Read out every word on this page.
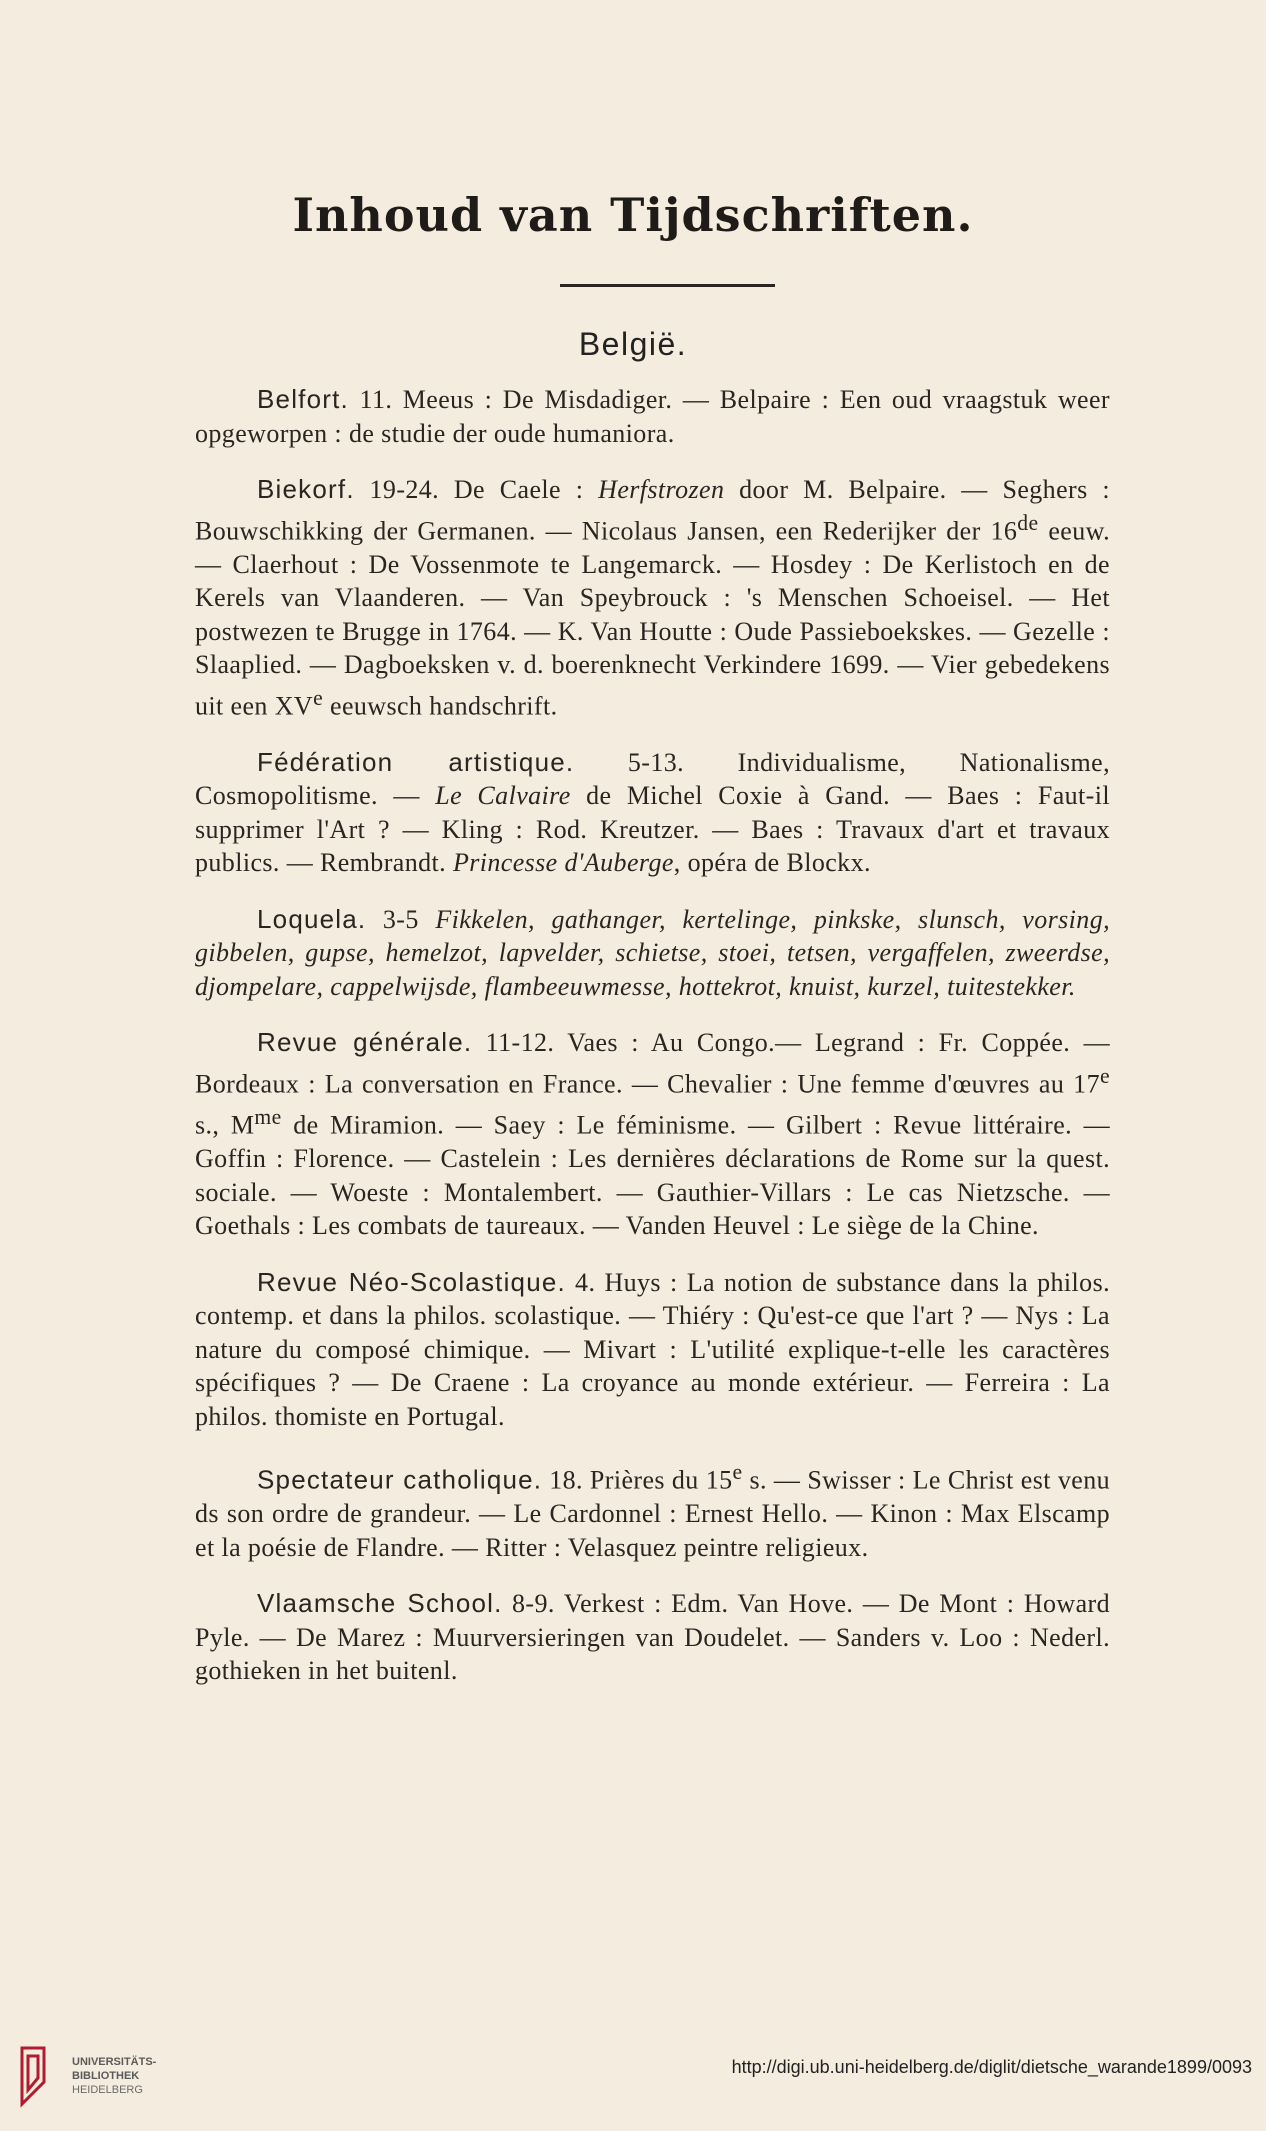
Inhoud van Tijdschriften.
België.

Belfort. 11. Meeus : De Misdadiger. — Belpaire : Een oud vraagstuk weer opgeworpen : de studie der oude humaniora.

Biekorf. 19-24. De Caele : Herfstrozen door M. Belpaire. — Seghers : Bouwschikking der Germanen. — Nicolaus Jansen, een Rederijker der 16de eeuw. — Claerhout : De Vossenmote te Langemarck. — Hosdey : De Kerlistoch en de Kerels van Vlaanderen. — Van Speybrouck : 's Menschen Schoeisel. — Het postwezen te Brugge in 1764. — K. Van Houtte : Oude Passieboekskes. — Gezelle : Slaaplied. — Dagboeksken v. d. boerenknecht Verkindere 1699. — Vier gebedekens uit een XVe eeuwsch handschrift.

Fédération artistique. 5-13. Individualisme, Nationalisme, Cosmopolitisme. — Le Calvaire de Michel Coxie à Gand. — Baes : Faut-il supprimer l'Art ? — Kling : Rod. Kreutzer. — Baes : Travaux d'art et travaux publics. — Rembrandt. Princesse d'Auberge, opéra de Blockx.

Loquela. 3-5 Fikkelen, gathanger, kertelinge, pinkske, slunsch, vorsing, gibbelen, gupse, hemelzot, lapvelder, schietse, stoei, tetsen, vergaffelen, zweerdse, djompelare, cappelwijsde, flambeeuwmesse, hottekrot, knuist, kurzel, tuitestekker.

Revue générale. 11-12. Vaes : Au Congo.— Legrand : Fr. Coppée. — Bordeaux : La conversation en France. — Chevalier : Une femme d'œuvres au 17e s., $M^{me}$ de Miramion. — Saey : Le féminisme. — Gilbert : Revue littéraire. — Goffin : Florence. — Castelein : Les dernières déclarations de Rome sur la quest. sociale. — Woeste : Montalembert. — Gauthier-Villars : Le cas Nietzsche. — Goethals : Les combats de taureaux. — Vanden Heuvel : Le siège de la Chine.

Revue Néo-Scolastique. 4. Huys : La notion de substance dans la philos. contemp. et dans la philos. scolastique. — Thiéry : Qu'est-ce que l'art ? — Nys : La nature du composé chimique. — Mivart : L'utilité explique-t-elle les caractères spécifiques ? — De Craene : La croyance au monde extérieur. — Ferreira : La philos. thomiste en Portugal.

Spectateur catholique. 18. Prières du 15e s. — Swisser : Le Christ est venu ds son ordre de grandeur. — Le Cardonnel : Ernest Hello. — Kinon : Max Elscamp et la poésie de Flandre. — Ritter : Velasquez peintre religieux.

Vlaamsche School. 8-9. Verkest : Edm. Van Hove. — De Mont : Howard Pyle. — De Marez : Muurversieringen van Doudelet. — Sanders v. Loo : Nederl. gothieken in het buitenl.

UNIVERSITÄTS-
BIBLIOTHEK
HEIDELBERG
http://digi.ub.uni-heidelberg.de/diglit/dietsche_warande1899/0093
